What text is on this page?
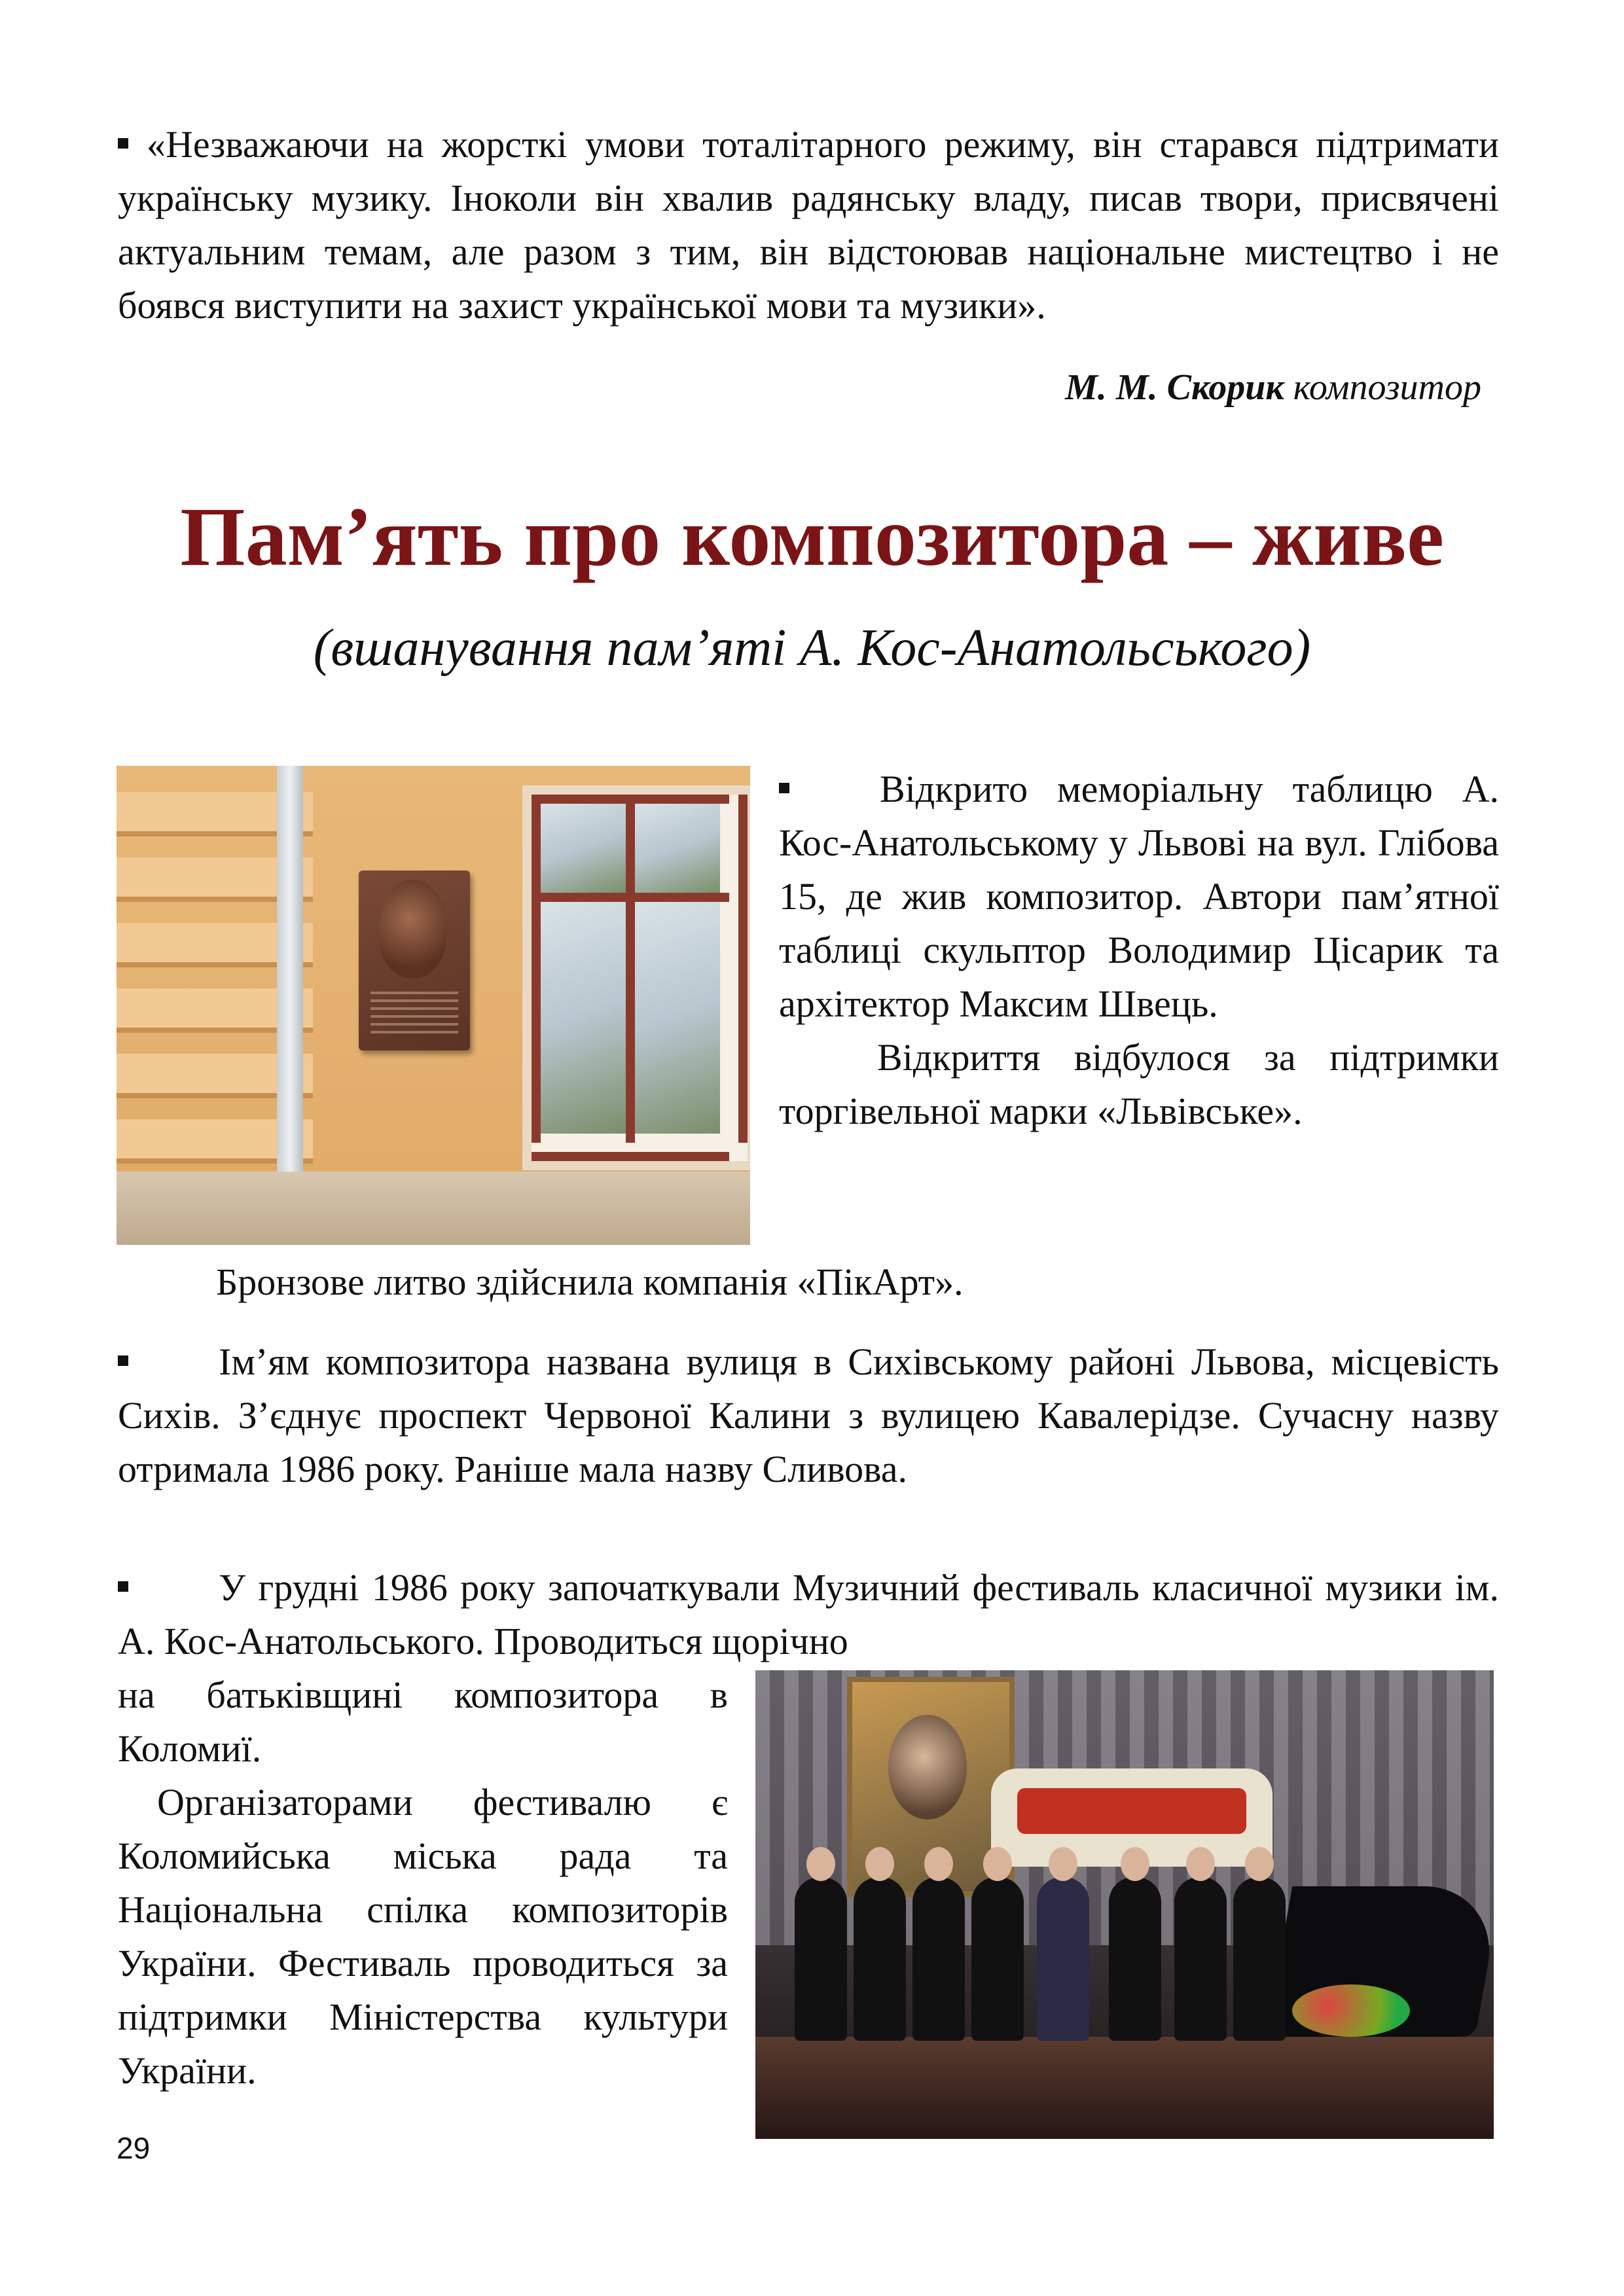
«Незважаючи на жорсткі умови тоталітарного режиму, він старався підтримати українську музику. Іноколи він хвалив радянську владу, писав твори, присвячені актуальним темам, але разом з тим, він відстоював національне мистецтво і не боявся виступити на захист української мови та музики».

М. М. Скорик композитор

Пам’ять про композитора – живе
(вшанування пам’яті А. Кос-Анатольського)
Відкрито меморіальну таблицю А. Кос-Анатольському у Львові на вул. Глібова 15, де жив композитор. Автори пам’ятної таблиці скульптор Володимир Цісарик та архітектор Максим Швець.
Відкриття відбулося за підтримки торгівельної марки «Львівське».

Бронзове литво здійснила компанія «ПікАрт».

Ім’ям композитора названа вулиця в Сихівському районі Львова, місцевість Сихів. З’єднує проспект Червоної Калини з вулицею Кавалерідзе. Сучасну назву отримала 1986 року. Раніше мала назву Сливова.

У грудні 1986 року започаткували Музичний фестиваль класичної музики ім. А. Кос-Анатольського. Проводиться щорічно

на батьківщині композитора в Коломиї.
Організаторами фестивалю є Коломийська міська рада та Національна спілка композиторів України. Фестиваль проводиться за підтримки Міністерства культури України.

29
